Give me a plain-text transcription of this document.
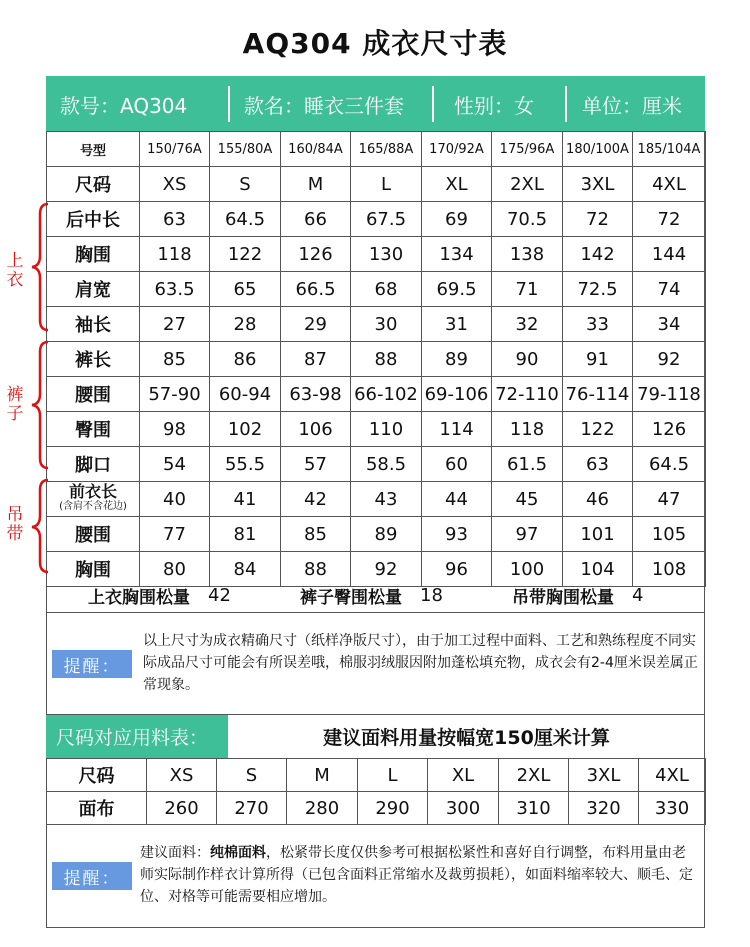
AQ304 成衣尺寸表
款号：AQ304	款名：睡衣三件套	性别：女	单位：厘米
号型	150/76A	155/80A	160/84A	165/88A	170/92A	175/96A	180/100A	185/104A
尺码	XS	S	M	L	XL	2XL	3XL	4XL
后中长	63	64.5	66	67.5	69	70.5	72	72
胸围	118	122	126	130	134	138	142	144
肩宽	63.5	65	66.5	68	69.5	71	72.5	74
袖长	27	28	29	30	31	32	33	34
裤长	85	86	87	88	89	90	91	92
腰围	57-90	60-94	63-98	66-102	69-106	72-110	76-114	79-118
臀围	98	102	106	110	114	118	122	126
脚口	54	55.5	57	58.5	60	61.5	63	64.5
前衣长
(含肩不含花边)	40	41	42	43	44	45	46	47
腰围	77	81	85	89	93	97	101	105
胸围	80	84	88	92	96	100	104	108
上衣
裤子
吊带
上衣胸围松量 42	裤子臀围松量 18	吊带胸围松量 4
提醒：
以上尺寸为成衣精确尺寸（纸样净版尺寸），由于加工过程中面料、工艺和熟练程度不同实际成品尺寸可能会有所误差哦，棉服羽绒服因附加蓬松填充物，成衣会有2-4厘米误差属正常现象。
尺码对应用料表：	建议面料用量按幅宽150厘米计算
尺码	XS	S	M	L	XL	2XL	3XL	4XL
面布	260	270	280	290	300	310	320	330
提醒：
建议面料：纯棉面料，松紧带长度仅供参考可根据松紧性和喜好自行调整，布料用量由老师实际制作样衣计算所得（已包含面料正常缩水及裁剪损耗），如面料缩率较大、顺毛、定位、对格等可能需要相应增加。
